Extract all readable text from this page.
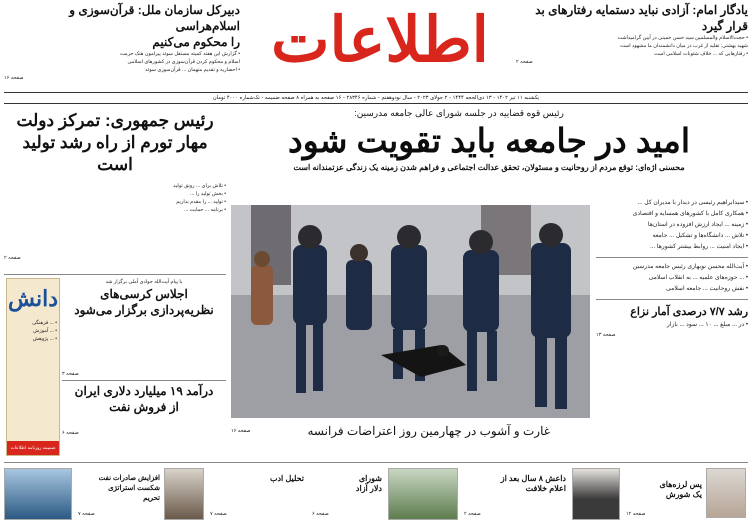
اطلاعات	یادگار امام: آزادی نباید دستمایه رفتارهای بد
قرار گیرد
• حجت‌الاسلام والمسلمین سید حسن خمینی در آیین گرامیداشت
شهید بهشتی: تقلید از غرب در میان دانشمندان ما مشهود است
• رفتارهایی که ... خلاف شئونات اسلامی است
صفحه ۲
دبیرکل سازمان ملل: قرآن‌سوزی و اسلام‌هراسی
را محکوم می‌کنیم
• گزارش این هفته کمیته مستقل سوئد پیرامون هتک حرمت
اسلام و محکوم کردن قرآن‌سوزی در کشورهای اسلامی
• احضاریه و تقدیم متهمان ... قرآن‌سوزی سوئد
صفحه ۱۶
یکشنبه ۱۱ تیر ۱۴۰۲ - ۱۳ ذی‌الحجه ۱۴۴۴ - ۲ جولای ۲۰۲۳ - سال نودوهفتم - شماره ۲۸۳۴۶ - ۱۶ صفحه به همراه ۸ صفحه ضمیمه - تک‌شماره ۴۰۰۰ تومان
رئیس قوه قضاییه در جلسه شورای عالی جامعه مدرسین:
امید در جامعه باید تقویت شود
محسنی اژه‌ای: توقع مردم از روحانیت و مسئولان، تحقق عدالت اجتماعی و فراهم شدن زمینه یک زندگی عزتمندانه است
غارت و آشوب در چهارمین روز اعتراضات فرانسه
صفحه ۱۶
• سیدابراهیم رئیسی در دیدار با مدیران کل ...
• همکاری کامل با کشورهای همسایه و اقتصادی
• زمینه ... ایجاد ارزش افزوده در استان‌ها
• تلاش ... دانشگاه‌ها و تشکیل ... جامعه
• ایجاد امنیت ... روابط بیشتر کشورها ...
• آیت‌الله محسن نوبهاری رئیس جامعه مدرسین
• ... حوزه‌های علمیه ... به انقلاب اسلامی
• نقش روحانیت ... جامعه اسلامی
رشد ۷/۷ درصدی آمار نزاع
• در ... مبلغ ... ۱۰ ... سود ... بازار
صفحه ۱۳
رئیس جمهوری: تمرکز دولت
مهار تورم از راه رشد تولید است
• تلاش برای ... رونق تولید
• بخش تولید را ...
• تولید ... را مقدم بداریم
• برنامه ... حمایت ...
صفحه ۲
با پیام آیت‌الله جوادی آملی برگزار شد
اجلاس کرسی‌های
نظریه‌پردازی برگزار می‌شود
صفحه ۳
درآمد ۱۹ میلیارد دلاری ایران
از فروش نفت
صفحه ۶
دانش
• ... فرهنگی
• ... آموزش
• ... پژوهش
ضمیمه روزنامه اطلاعات امروز
پس لرزه‌های
یک شورش
صفحه ۱۲
داعش ۸ سال بعد از
اعلام خلافت
صفحه ۲
شورای
دلار آزاد
صفحه ۶
تحلیل ادب
صفحه ۷
افزایش صادرات نفت
شکست استراتژی
تحریم
صفحه ۷
